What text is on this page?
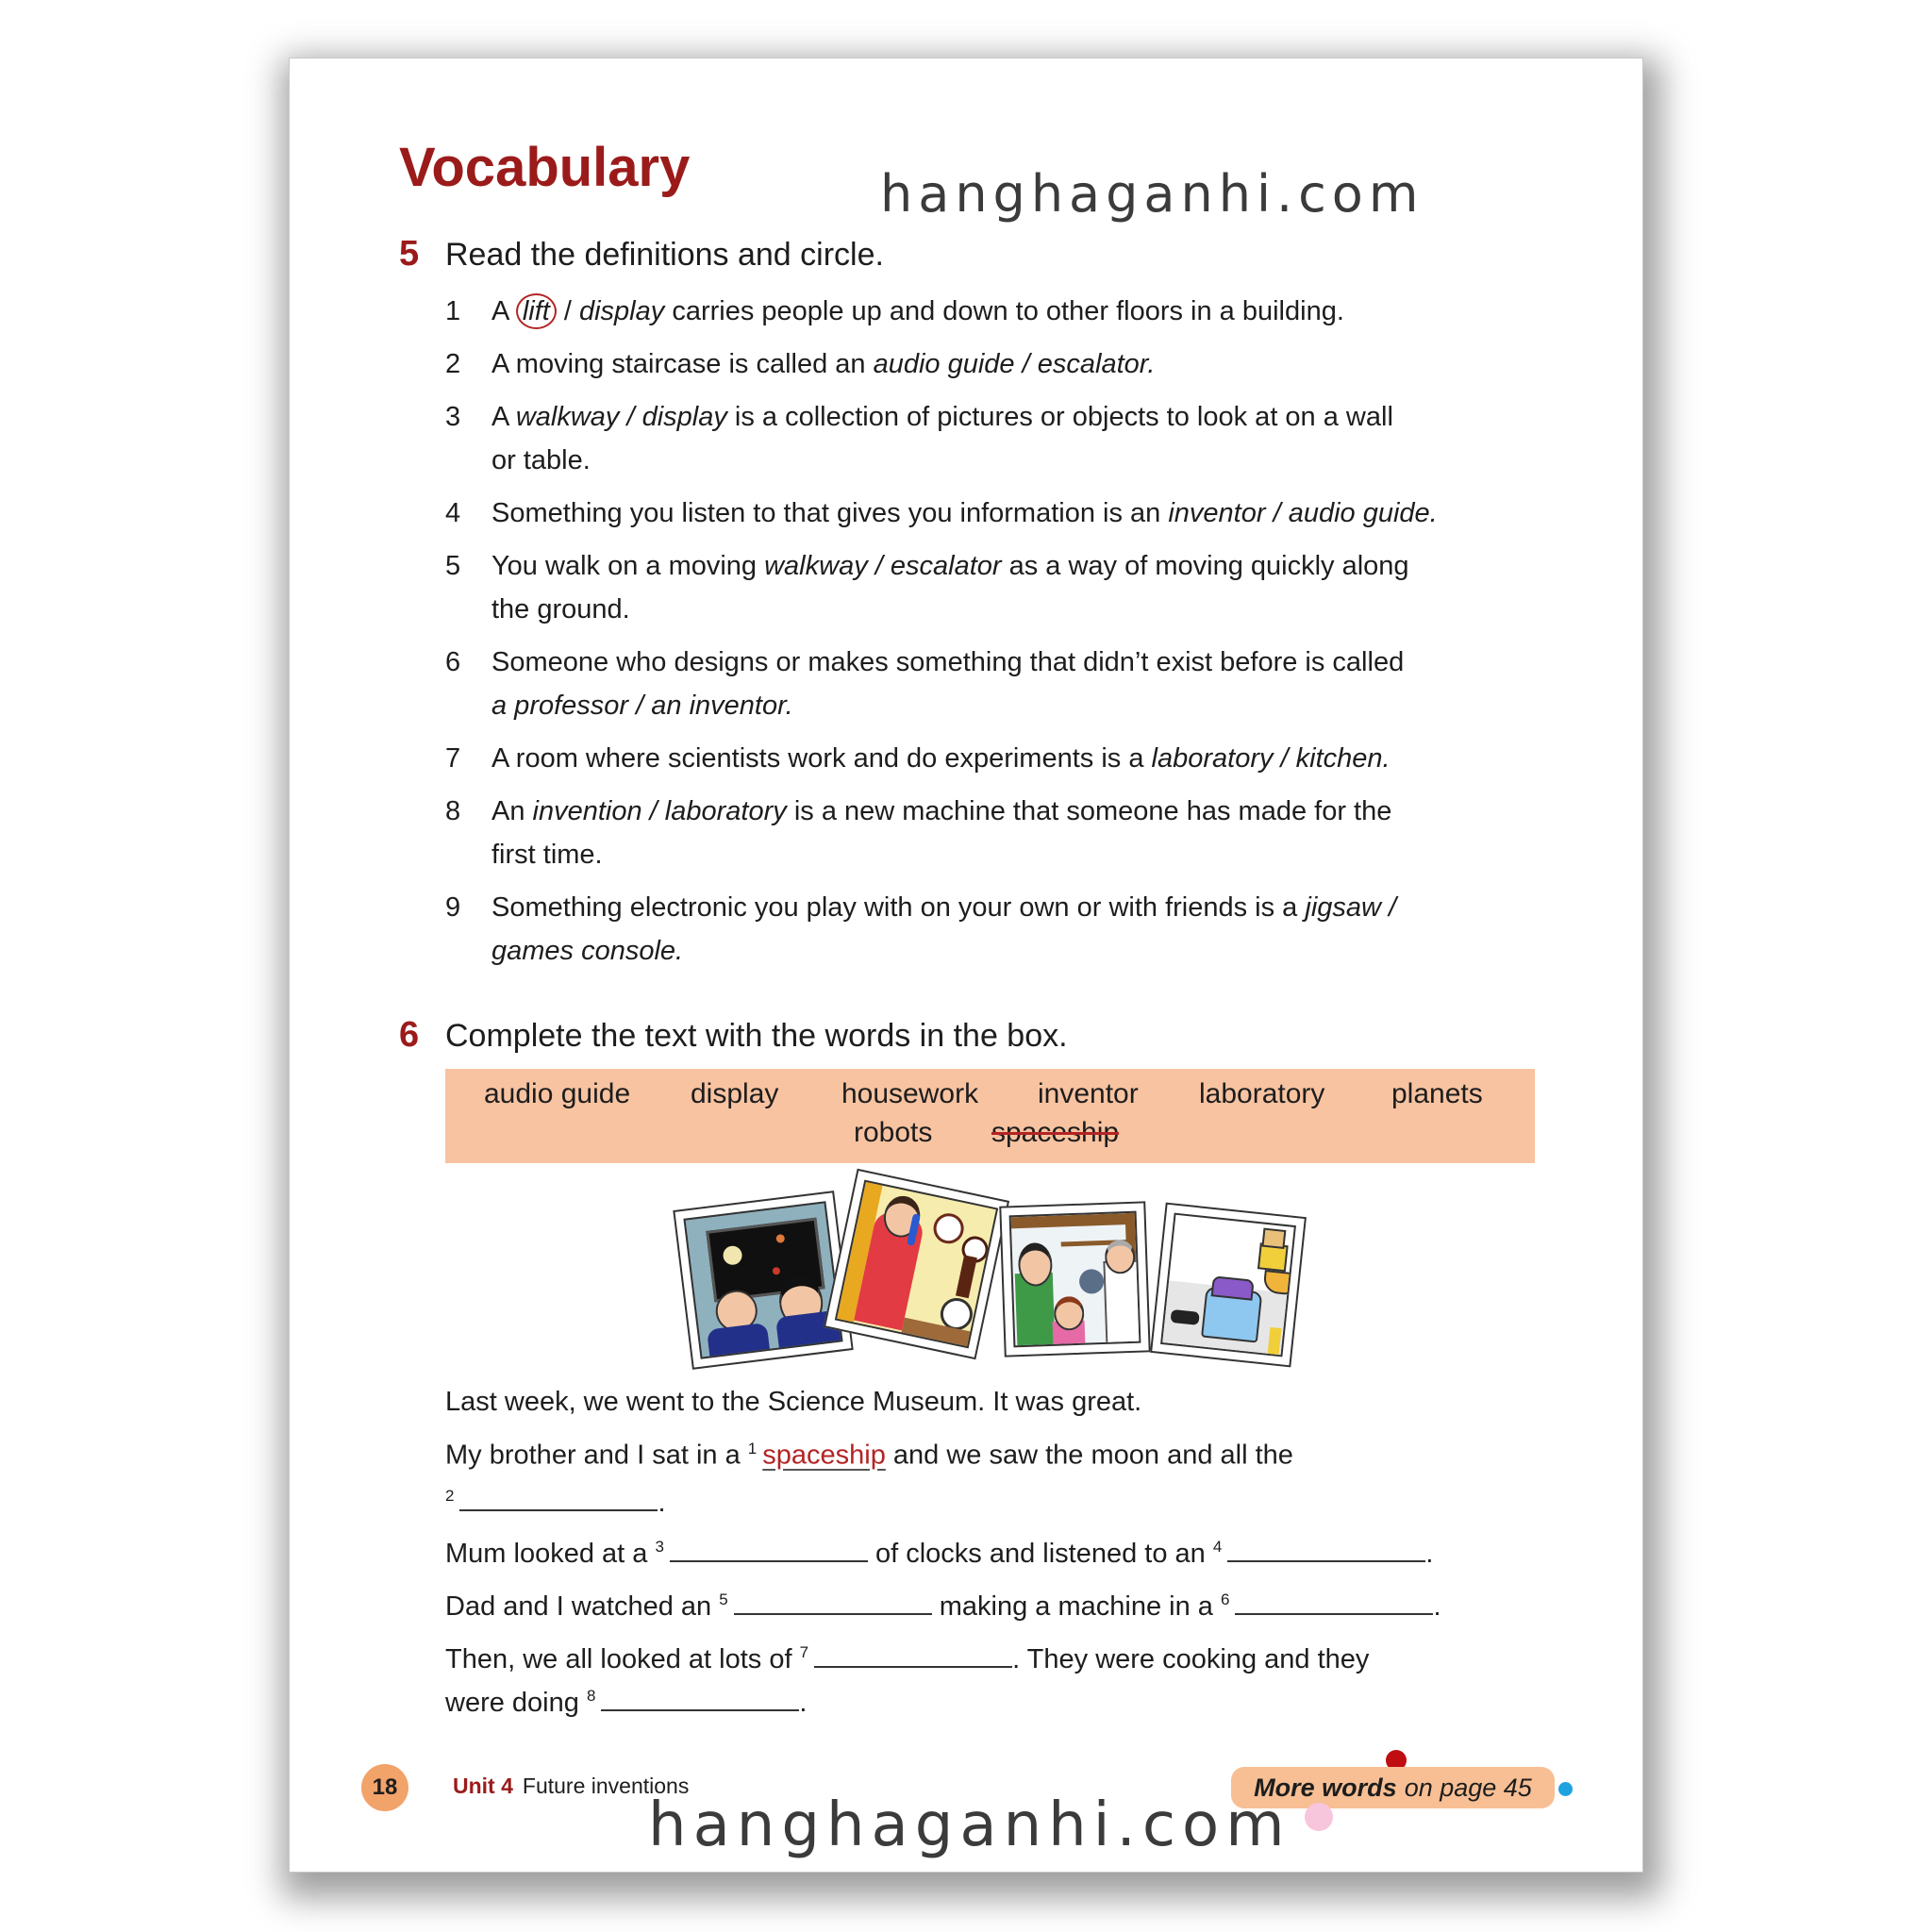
hanghaganhi.com
Vocabulary
5 Read the definitions and circle.
1 A lift / display carries people up and down to other floors in a building.
2 A moving staircase is called an audio guide / escalator.
3 A walkway / display is a collection of pictures or objects to look at on a wall
or table.
4 Something you listen to that gives you information is an inventor / audio guide.
5 You walk on a moving walkway / escalator as a way of moving quickly along
the ground.
6 Someone who designs or makes something that didn’t exist before is called
a professor / an inventor.
7 A room where scientists work and do experiments is a laboratory / kitchen.
8 An invention / laboratory is a new machine that someone has made for the
first time.
9 Something electronic you play with on your own or with friends is a jigsaw /
games console.
6 Complete the text with the words in the box.
audio guide display housework inventor laboratory planets
robots spaceship
Last week, we went to the Science Museum. It was great.
My brother and I sat in a $^1$ spaceship and we saw the moon and all the
$^2$	.
Mum looked at a $^3$	of clocks and listened to an $^4$	.
Dad and I watched an $^5$	making a machine in a $^6$	.
Then, we all looked at lots of $^7$	. They were cooking and they
were doing $^8$	.
18	Unit 4 Future inventions	More words on page 45
hanghaganhi.com
